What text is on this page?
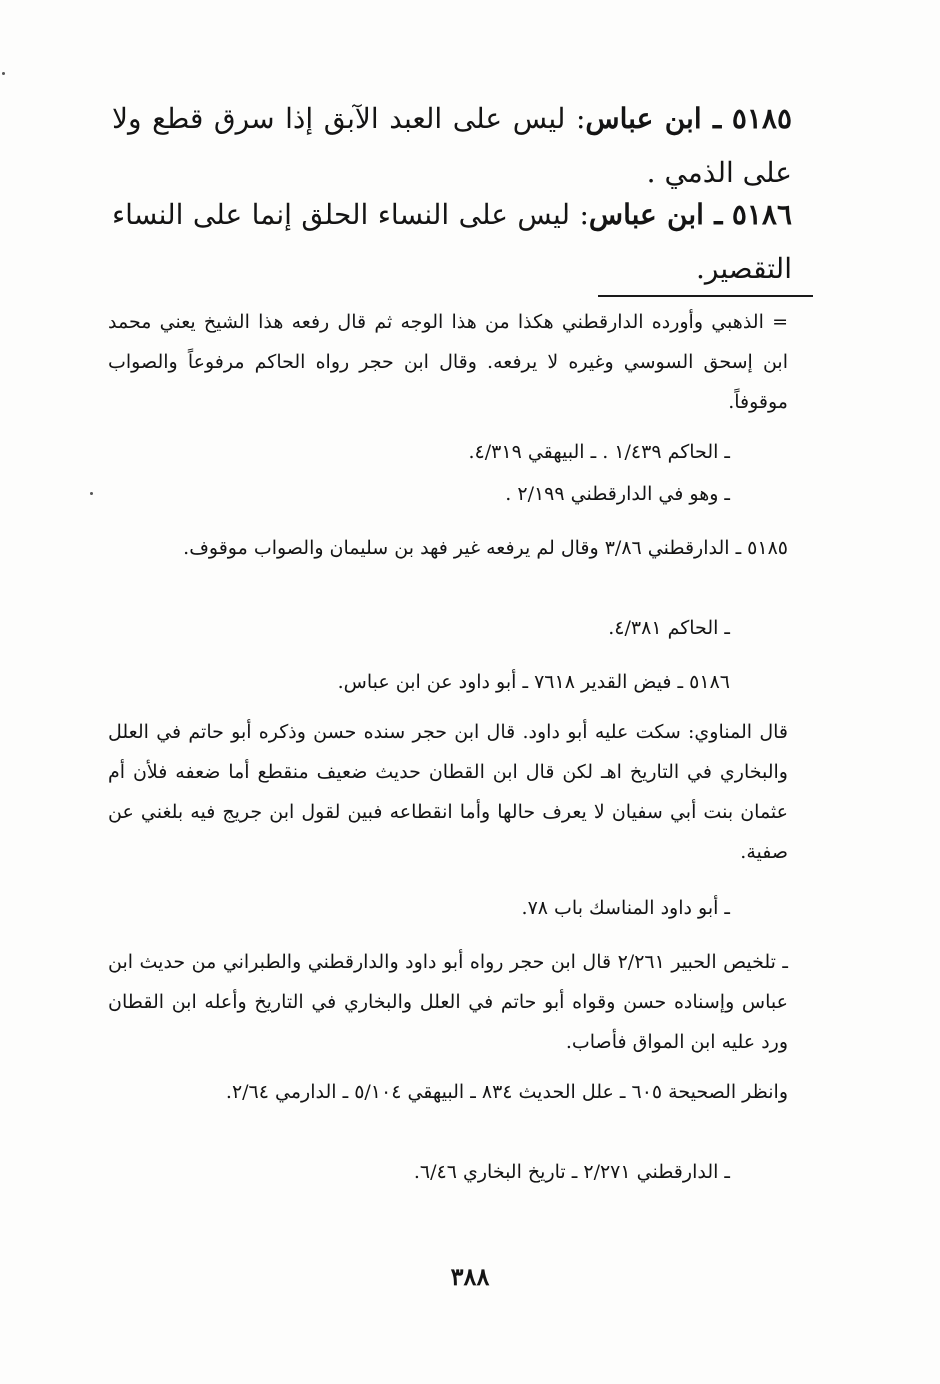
٥١٨٥ ـ ابن عباس: ليس على العبد الآبق إذا سرق قطع ولا على الذمي .
٥١٨٦ ـ ابن عباس: ليس على النساء الحلق إنما على النساء التقصير.
= الذهبي وأورده الدارقطني هكذا من هذا الوجه ثم قال رفعه هذا الشيخ يعني محمد ابن إسحق السوسي وغيره لا يرفعه. وقال ابن حجر رواه الحاكم مرفوعاً والصواب موقوفاً.
ـ الحاكم ١/٤٣٩ . ـ البيهقي ٤/٣١٩.
ـ وهو في الدارقطني ٢/١٩٩ .
٥١٨٥ ـ الدارقطني ٣/٨٦ وقال لم يرفعه غير فهد بن سليمان والصواب موقوف.
ـ الحاكم ٤/٣٨١.
٥١٨٦ ـ فيض القدير ٧٦١٨ ـ أبو داود عن ابن عباس.
قال المناوي: سكت عليه أبو داود. قال ابن حجر سنده حسن وذكره أبو حاتم في العلل والبخاري في التاريخ اهـ لكن قال ابن القطان حديث ضعيف منقطع أما ضعفه فلأن أم عثمان بنت أبي سفيان لا يعرف حالها وأما انقطاعه فبين لقول ابن جريج فيه بلغني عن صفية.
ـ أبو داود المناسك باب ٧٨.
ـ تلخيص الحبير ٢/٢٦١ قال ابن حجر رواه أبو داود والدارقطني والطبراني من حديث ابن عباس وإسناده حسن وقواه أبو حاتم في العلل والبخاري في التاريخ وأعله ابن القطان ورد عليه ابن المواق فأصاب.
وانظر الصحيحة ٦٠٥ ـ علل الحديث ٨٣٤ ـ البيهقي ٥/١٠٤ ـ الدارمي ٢/٦٤.
ـ الدارقطني ٢/٢٧١ ـ تاريخ البخاري ٦/٤٦.
٣٨٨
